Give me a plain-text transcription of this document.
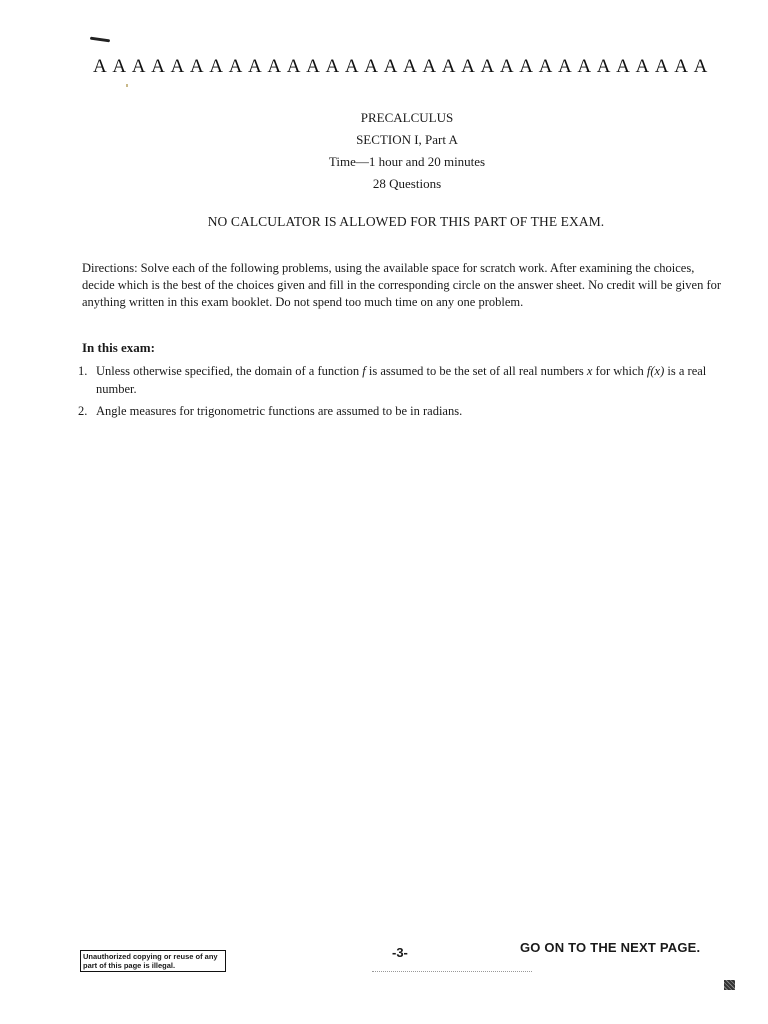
A A A A A A A A A A A A A A A A A A A A A A A A A A A A A A A A
PRECALCULUS
SECTION I, Part A
Time—1 hour and 20 minutes
28 Questions
NO CALCULATOR IS ALLOWED FOR THIS PART OF THE EXAM.
Directions: Solve each of the following problems, using the available space for scratch work. After examining the choices, decide which is the best of the choices given and fill in the corresponding circle on the answer sheet. No credit will be given for anything written in this exam booklet. Do not spend too much time on any one problem.
In this exam:
1. Unless otherwise specified, the domain of a function f is assumed to be the set of all real numbers x for which f(x) is a real number.
2. Angle measures for trigonometric functions are assumed to be in radians.
Unauthorized copying or reuse of any part of this page is illegal.
-3-	GO ON TO THE NEXT PAGE.
